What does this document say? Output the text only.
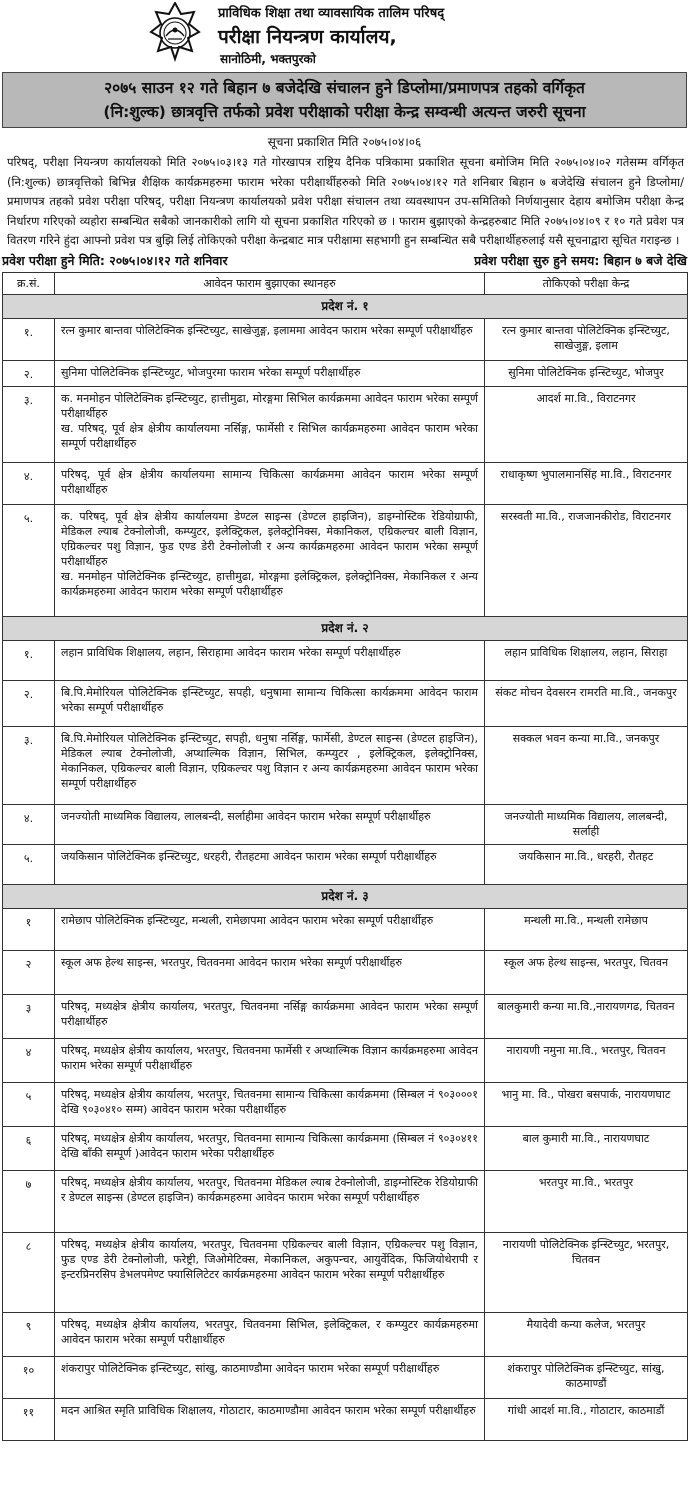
प्राविधिक शिक्षा तथा व्यावसायिक तालिम परिषद्
परीक्षा नियन्त्रण कार्यालय,
सानोठिमी, भक्तपुरको
२०७५ साउन १२ गते बिहान ७ बजेदेखि संचालन हुने डिप्लोमा/प्रमाणपत्र तहको वर्गिकृत
(नि:शुल्क) छात्रवृत्ति तर्फको प्रवेश परीक्षाको परीक्षा केन्द्र सम्वन्धी अत्यन्त जरुरी सूचना
सूचना प्रकाशित मिति २०७५।०४।०६
परिषद्, परीक्षा नियन्त्रण कार्यालयको मिति २०७५।०३।१३ गते गोरखापत्र राष्ट्रिय दैनिक पत्रिकामा प्रकाशित सूचना बमोजिम मिति २०७५।०४।०२ गतेसम्म वर्गिकृत (नि:शुल्क) छात्रवृत्तिको बिभिन्न शैक्षिक कार्यक्रमहरुमा फाराम भरेका परीक्षार्थीहरुको मिति २०७५।०४।१२ गते शनिबार बिहान ७ बजेदेखि संचालन हुने डिप्लोमा/प्रमाणपत्र तहको प्रवेश परीक्षा परिषद्, परीक्षा नियन्त्रण कार्यालयको प्रवेश परीक्षा संचालन तथा व्यवस्थापन उप-समितिको निर्णयानुसार देहाय बमोजिम परीक्षा केन्द्र निर्धारण गरिएको व्यहोरा सम्बन्धित सबैको जानकारीको लागि यो सूचना प्रकाशित गरिएको छ । फाराम बुझाएको केन्द्रहरुबाट मिति २०७५।०४।०९ र १० गते प्रवेश पत्र वितरण गरिने हुंदा आफ्नो प्रवेश पत्र बुझि लिई तोकिएको परीक्षा केन्द्रबाट मात्र परीक्षामा सहभागी हुन सम्बन्धित सबै परीक्षार्थीहरुलाई यसै सूचनाद्वारा सूचित गराइन्छ ।
प्रवेश परीक्षा हुने मिति: २०७५।०४।१२ गते शनिवार	प्रवेश परीक्षा सुरु हुने समय: बिहान ७ बजे देखि
क्र.सं.	आवेदन फाराम बुझाएका स्थानहरु	तोकिएको परीक्षा केन्द्र
प्रदेश नं. १		
१.	रत्न कुमार बान्तवा पोलिटेक्निक इन्स्टिच्युट, साखेजुङ्ग, इलाममा आवेदन फाराम भरेका सम्पूर्ण परीक्षार्थीहरु	रत्न कुमार बान्तवा पोलिटेक्निक इन्स्टिच्युट, साखेजुङ्ग, इलाम
२.	सुनिमा पोलिटेक्निक इन्स्टिच्युट, भोजपुरमा फाराम भरेका सम्पूर्ण परीक्षार्थीहरु	सुनिमा पोलिटेक्निक इन्स्टिच्युट, भोजपुर
३.	क. मनमोहन पोलिटेक्निक इन्स्टिच्युट, हात्तीमुढा, मोरङ्गमा सिभिल कार्यक्रममा आवेदन फाराम भरेका सम्पूर्ण परीक्षार्थीहरु
ख. परिषद्, पूर्व क्षेत्र क्षेत्रीय कार्यालयमा नर्सिङ्ग, फार्मेसी र सिभिल कार्यक्रमहरुमा आवेदन फाराम भरेका सम्पूर्ण परीक्षार्थीहरु	आदर्श मा.वि., विराटनगर
४.	परिषद्, पूर्व क्षेत्र क्षेत्रीय कार्यालयमा सामान्य चिकित्सा कार्यक्रममा आवेदन फाराम भरेका सम्पूर्ण परीक्षार्थीहरु	राधाकृष्ण भुपालमानसिंह मा.वि., विराटनगर
५.	क. परिषद्, पूर्व क्षेत्र क्षेत्रीय कार्यालयमा डेण्टल साइन्स (डेण्टल हाइजिन), डाइग्नोस्टिक रेडियोग्राफी, मेडिकल ल्याब टेक्नोलोजी, कम्प्युटर, इलेक्ट्रिकल, इलेक्ट्रोनिक्स, मेकानिकल, एग्रिकल्चर बाली विज्ञान, एग्रिकल्चर पशु विज्ञान, फुड एण्ड डेरी टेक्नोलोजी र अन्य कार्यक्रमहरुमा आवेदन फाराम भरेका सम्पूर्ण परीक्षार्थीहरु
ख. मनमोहन पोलिटेक्निक इन्स्टिच्युट, हात्तीमुढा, मोरङ्गमा इलेक्ट्रिकल, इलेक्ट्रोनिक्स, मेकानिकल र अन्य कार्यक्रमहरुमा आवेदन फाराम भरेका सम्पूर्ण परीक्षार्थीहरु	सरस्वती मा.वि., राजजानकीरोड, विराटनगर
प्रदेश नं. २		
१.	लहान प्राविधिक शिक्षालय, लहान, सिराहामा आवेदन फाराम भरेका सम्पूर्ण परीक्षार्थीहरु	लहान प्राविधिक शिक्षालय, लहान, सिराहा
२.	बि.पि.मेमोरियल पोलिटेक्निक इन्स्टिच्युट, सपही, धनुषामा सामान्य चिकित्सा कार्यक्रममा आवेदन फाराम भरेका सम्पूर्ण परीक्षार्थीहरु	संकट मोचन देवसरन रामरति मा.वि., जनकपुर
३.	बि.पि.मेमोरियल पोलिटेक्निक इन्स्टिच्युट, सपही, धनुषा नर्सिङ्ग, फार्मेसी, डेण्टल साइन्स (डेण्टल हाइजिन), मेडिकल ल्याब टेक्नोलोजी, अप्थाल्मिक विज्ञान, सिभिल, कम्प्युटर , इलेक्ट्रिकल, इलेक्ट्रोनिक्स, मेकानिकल, एग्रिकल्चर बाली विज्ञान, एग्रिकल्चर पशु विज्ञान र अन्य कार्यक्रमहरुमा आवेदन फाराम भरेका सम्पूर्ण परीक्षार्थीहरु	सक्कल भवन कन्या मा.वि., जनकपुर
४.	जनज्योती माध्यमिक विद्यालय, लालबन्दी, सर्लाहीमा आवेदन फाराम भरेका सम्पूर्ण परीक्षार्थीहरु	जनज्योती माध्यमिक विद्यालय, लालबन्दी, सर्लाही
५.	जयकिसान पोलिटेक्निक इन्स्टिच्युट, धरहरी, रौतहटमा आवेदन फाराम भरेका सम्पूर्ण परीक्षार्थीहरु	जयकिसान मा.वि., धरहरी, रौतहट
प्रदेश नं. ३		
१	रामेछाप पोलिटेक्निक इन्स्टिच्युट, मन्थली, रामेछापमा आवेदन फाराम भरेका सम्पूर्ण परीक्षार्थीहरु	मन्थली मा.वि., मन्थली रामेछाप
२	स्कूल अफ हेल्थ साइन्स, भरतपुर, चितवनमा आवेदन फाराम भरेका सम्पूर्ण परीक्षार्थीहरु	स्कूल अफ हेल्थ साइन्स, भरतपुर, चितवन
३	परिषद्, मध्यक्षेत्र क्षेत्रीय कार्यालय, भरतपुर, चितवनमा नर्सिङ्ग कार्यक्रममा आवेदन फाराम भरेका सम्पूर्ण परीक्षार्थीहरु	बालकुमारी कन्या मा.वि.,नारायणगढ, चितवन
४	परिषद्, मध्यक्षेत्र क्षेत्रीय कार्यालय, भरतपुर, चितवनमा फार्मेसी र अप्थाल्मिक विज्ञान कार्यक्रमहरुमा आवेदन फाराम भरेका सम्पूर्ण परीक्षार्थीहरु	नारायणी नमुना मा.वि., भरतपुर, चितवन
५	परिषद्, मध्यक्षेत्र क्षेत्रीय कार्यालय, भरतपुर, चितवनमा सामान्य चिकित्सा कार्यक्रममा (सिम्बल नं ९०३०००१ देखि ९०३०४१० सम्म) आवेदन फाराम भरेका परीक्षार्थीहरु	भानु मा. वि., पोखरा बसपार्क, नारायणघाट
६	परिषद्, मध्यक्षेत्र क्षेत्रीय कार्यालय, भरतपुर, चितवनमा सामान्य चिकित्सा कार्यक्रममा (सिम्बल नं ९०३०४११ देखि बाँकी सम्पूर्ण )आवेदन फाराम भरेका परीक्षार्थीहरु	बाल कुमारी मा.वि., नारायणघाट
७	परिषद्, मध्यक्षेत्र क्षेत्रीय कार्यालय, भरतपुर, चितवनमा मेडिकल ल्याब टेक्नोलोजी, डाइग्नोस्टिक रेडियोग्राफी र डेण्टल साइन्स (डेण्टल हाइजिन) कार्यक्रमहरुमा आवेदन फाराम भरेका सम्पूर्ण परीक्षार्थीहरु	भरतपुर मा.वि., भरतपुर
८	परिषद्, मध्यक्षेत्र क्षेत्रीय कार्यालय, भरतपुर, चितवनमा एग्रिकल्चर बाली विज्ञान, एग्रिकल्चर पशु विज्ञान, फुड एण्ड डेरी टेक्नोलोजी, फरेष्ट्री, जिओमेटिक्स, मेकानिकल, अकुपन्चर, आयुर्वेदिक, फिजियोथेरापी र इन्टरप्रिनरसिप डेभलपमेण्ट फ्यासिलिटेटर कार्यक्रमहरुमा आवेदन फाराम भरेका सम्पूर्ण परीक्षार्थीहरु	नारायणी पोलिटेक्निक इन्स्टिच्युट, भरतपुर, चितवन
९	परिषद्, मध्यक्षेत्र क्षेत्रीय कार्यालय, भरतपुर, चितवनमा सिभिल, इलेक्ट्रिकल, र कम्प्युटर कार्यक्रमहरुमा आवेदन फाराम भरेका सम्पूर्ण परीक्षार्थीहरु	मैयादेवी कन्या कलेज, भरतपुर
१०	शंकरापुर पोलिटेक्निक इन्स्टिच्युट, सांखु, काठमाण्डौमा आवेदन फाराम भरेका सम्पूर्ण परीक्षार्थीहरु	शंकरापुर पोलिटेक्निक इन्स्टिच्युट, सांखु, काठमाण्डौं
११	मदन आश्रित स्मृति प्राविधिक शिक्षालय, गोठाटार, काठमाण्डौमा आवेदन फाराम भरेका सम्पूर्ण परीक्षार्थीहरु	गांधी आदर्श मा.वि., गोठाटार, काठमाडौं
